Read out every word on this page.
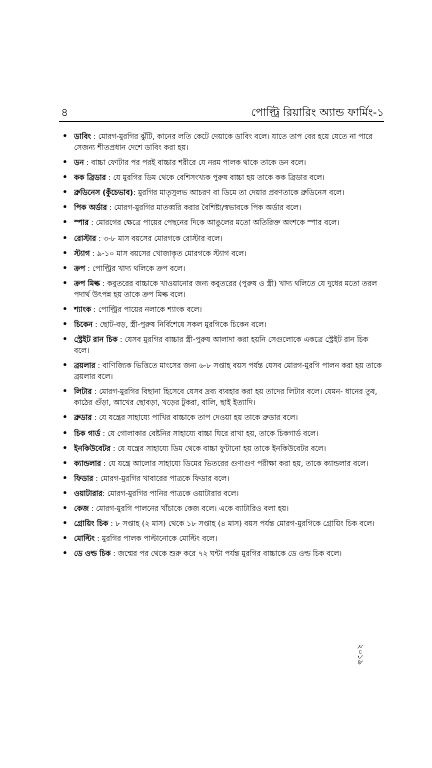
৪	পোল্ট্রি রিয়ারিং অ্যান্ড ফার্মিং-১
• ডাবিং : মোরগ-মুরগির ঝুঁটি, কানের লতি কেটে দেয়াকে ডাবিং বলে। যাতে তাপ বের হয়ে যেতে না পারে সেজন্য শীতপ্রধান দেশে ডাবিং করা হয়।
• ডন : বাচ্চা ফোটার পর পরই বাচ্চার শরীরে যে নরম পালক থাকে তাকে ডন বলে।
• কক ব্রিডার : যে মুরগির ডিম থেকে বেশিসংখ্যক পুরুষ বাচ্চা হয় তাকে কক ব্রিডার বলে।
• ব্রুডিনেস (কুঁচেভাব): মুরগির মাতৃসুলভ আচরণ বা ডিমে তা দেয়ার প্রবণতাকে ব্রুডিনেস বলে।
• পিক অর্ডার : মোরগ-মুরগির মাতব্বরি করার বৈশিষ্ট্য/স্বভাবকে পিক অর্ডার বলে।
• স্পার : মোরগের ক্ষেত্রে পায়ের পেছনের দিকে আঙুলের মতো অতিরিক্ত অংশকে স্পার বলে।
• রোস্টার : ৩-৮ মাস বয়সের মোরগকে রোস্টার বলে।
• স্ট্যাগ : ৯-১০ মাস বয়সের খোজাকৃত মোরগকে স্ট্যাগ বলে।
• ক্রপ : পোল্ট্রির খাদ্য থলিকে ক্রপ বলে।
• ক্রপ মিল্ক : কবুতরের বাচ্চাকে খাওয়ানোর জন্য কবুতরের (পুরুষ ও স্ত্রী) খাদ্য থলিতে যে দুধের মতো তরল পদার্থ উৎপন্ন হয় তাকে ক্রপ মিল্ক বলে।
• শ্যাংক : পোল্ট্রির পায়ের নলাকে শ্যাংক বলে।
• চিকেন : ছোট-বড়, স্ত্রী-পুরুষ নির্বিশেষে সকল মুরগিকে চিকেন বলে।
• স্ট্রেইট রান চিক : যেসব মুরগির বাচ্চার স্ত্রী-পুরুষ আলাদা করা হয়নি সেগুলোকে একত্রে স্ট্রেইট রান চিক বলে।
• ব্রয়লার : বাণিজ্যিক ভিত্তিতে মাংসের জন্য ৬-৮ সপ্তাহ বয়স পর্যন্ত যেসব মোরগ-মুরগি পালন করা হয় তাকে ব্রয়লার বলে।
• লিটার : মোরগ-মুরগির বিছানা হিসেবে যেসব দ্রব্য ব্যবহার করা হয় তাদের লিটার বলে। যেমন- ধানের তুষ, কাঠের গুঁড়া, আখের ছোবড়া, খড়ের টুকরা, বালি, ছাই ইত্যাদি।
• ব্রুডার : যে যন্ত্রের সাহায্যে পাখির বাচ্চাকে তাপ দেওয়া হয় তাকে ব্রুডার বলে।
• চিক গার্ড : যে গোলাকার বেষ্টনির সাহায্যে বাচ্চা ঘিরে রাখা হয়, তাকে চিকগার্ড বলে।
• ইনকিউবেটর : যে যন্ত্রের সাহায্যে ডিম থেকে বাচ্চা ফুটানো হয় তাকে ইনকিউবেটর বলে।
• ক্যান্ডলার : যে যন্ত্রে আলোর সাহায্যে ডিমের ভিতরের গুণাগুণ পরীক্ষা করা হয়, তাকে ক্যান্ডলার বলে।
• ফিডার : মোরগ-মুরগির খাবারের পাত্রকে ফিডার বলে।
• ওয়াটারার: মোরগ-মুরগির পানির পাত্রকে ওয়াটারার বলে।
• কেজ : মোরগ-মুরগি পালনের খাঁচাকে কেজ বলে। একে ব্যাটারিও বলা হয়।
• গ্রোয়িং চিক : ৮ সপ্তাহ (২ মাস) থেকে ১৮ সপ্তাহ (৪ মাস) বয়স পর্যন্ত মোরগ-মুরগিকে গ্রোয়িং চিক বলে।
• মোল্টিং : মুরগির পালক পাল্টানোকে মোল্টিং বলে।
• ডে ওল্ড চিক : জন্মের পর থেকে শুরু করে ৭২ ঘন্টা পর্যন্ত মুরগির বাচ্চাকে ডে ওল্ড চিক বলে।
২০১৯
